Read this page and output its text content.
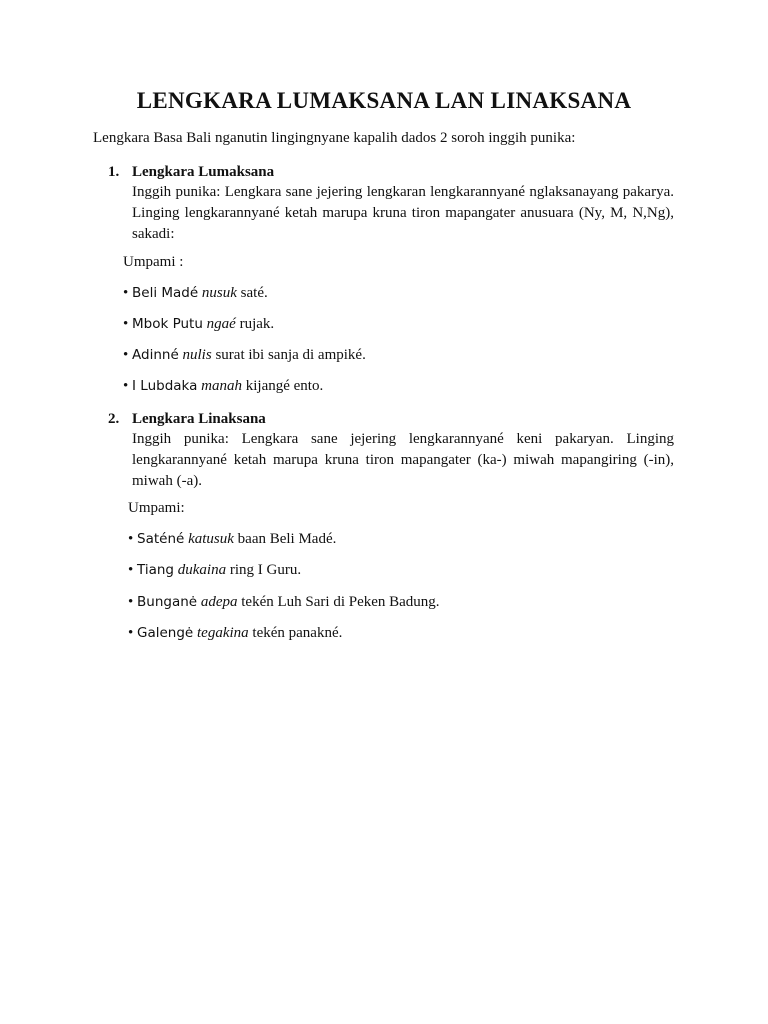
LENGKARA LUMAKSANA LAN LINAKSANA

Lengkara Basa Bali nganutin lingingnyane kapalih dados 2 soroh inggih punika:

1. Lengkara Lumaksana

Inggih punika: Lengkara sane jejering lengkaran lengkarannyané nglaksanayang pakarya. Linging lengkarannyané ketah marupa kruna tiron mapangater anusuara (Ny, M, N,Ng), sakadi:

Umpami :
• Beli Madé nusuk saté.
• Mbok Putu ngaé rujak.
• Adinné nulis surat ibi sanja di ampiké.
• I Lubdaka manah kijangé ento.
2. Lengkara Linaksana

Inggih punika: Lengkara sane jejering lengkarannyané keni pakaryan. Linging lengkarannyané ketah marupa kruna tiron mapangater (ka-) miwah mapangiring (-in), miwah (-a).

Umpami:
• Saténé katusuk baan Beli Madé.
• Tiang dukaina ring I Guru.
• Bunganė adepa tekén Luh Sari di Peken Badung.
• Galengė tegakina tekén panakné.
